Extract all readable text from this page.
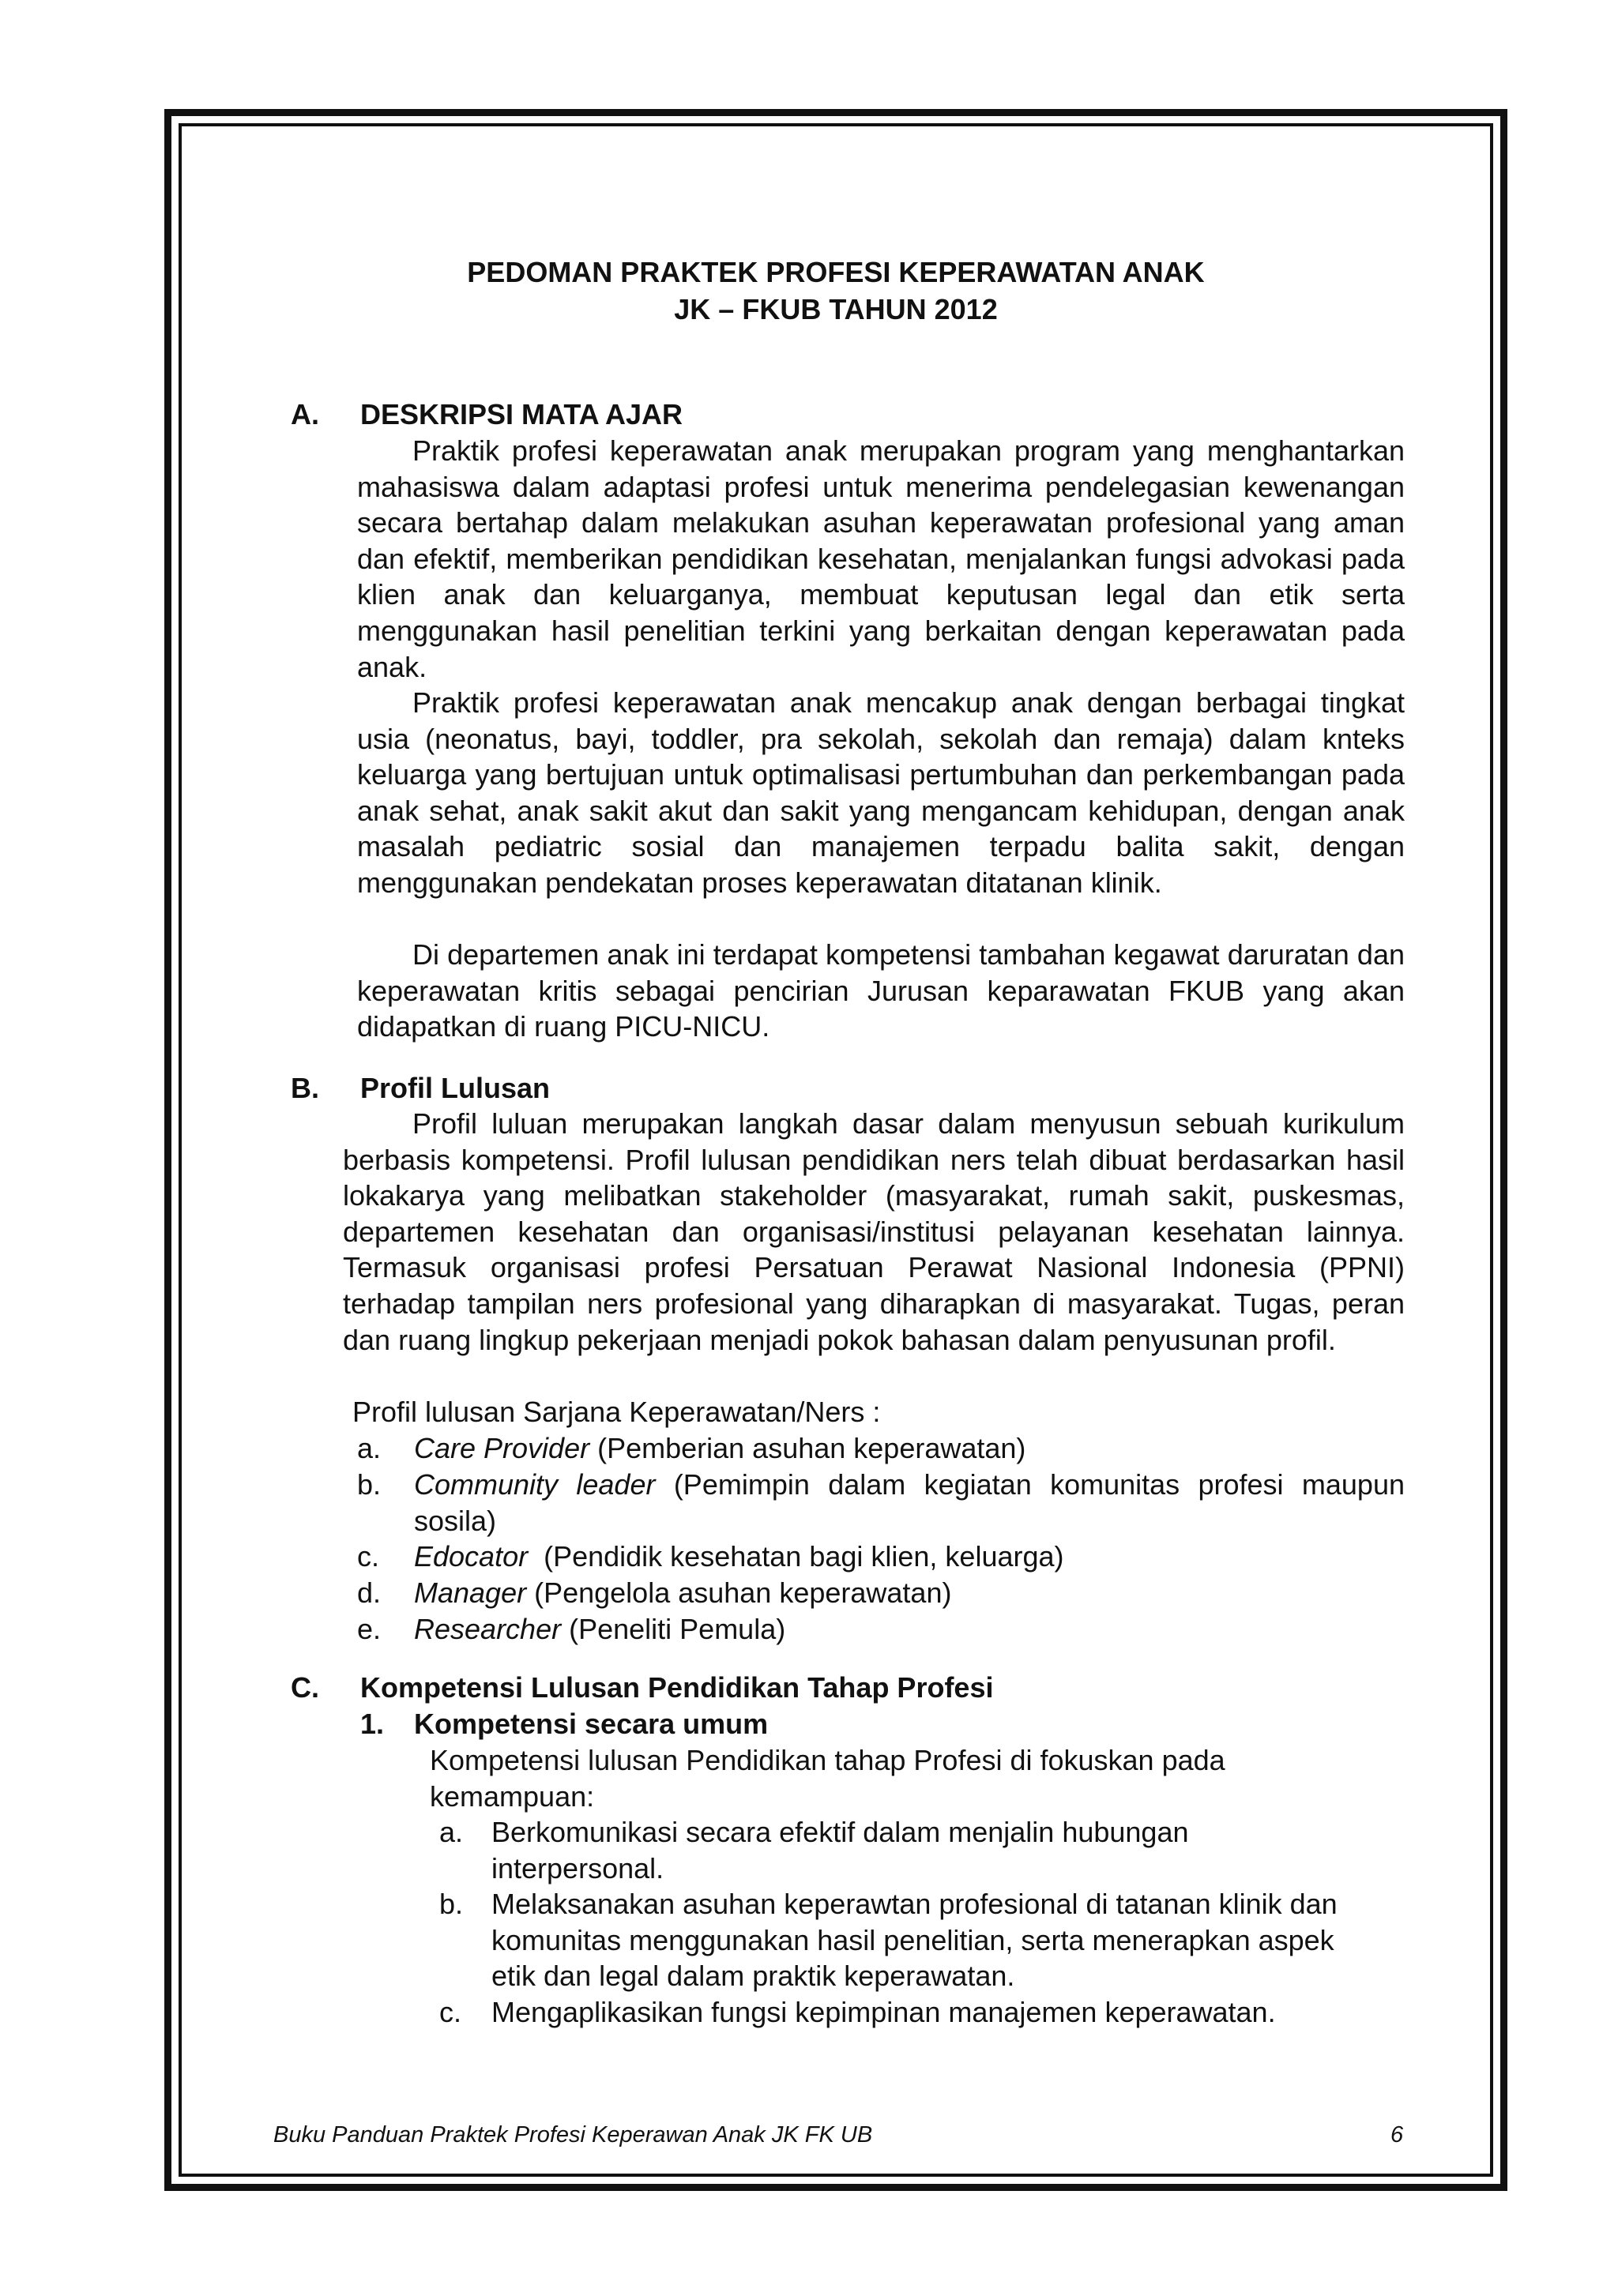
PEDOMAN PRAKTEK PROFESI KEPERAWATAN ANAK
JK – FKUB TAHUN 2012
A. DESKRIPSI MATA AJAR

Praktik profesi keperawatan anak merupakan program yang menghantarkan mahasiswa dalam adaptasi profesi untuk menerima pendelegasian kewenangan secara bertahap dalam melakukan asuhan keperawatan profesional yang aman dan efektif, memberikan pendidikan kesehatan, menjalankan fungsi advokasi pada klien anak dan keluarganya, membuat keputusan legal dan etik serta menggunakan hasil penelitian terkini yang berkaitan dengan keperawatan pada anak.

Praktik profesi keperawatan anak mencakup anak dengan berbagai tingkat usia (neonatus, bayi, toddler, pra sekolah, sekolah dan remaja) dalam knteks keluarga yang bertujuan untuk optimalisasi pertumbuhan dan perkembangan pada anak sehat, anak sakit akut dan sakit yang mengancam kehidupan, dengan anak masalah pediatric sosial dan manajemen terpadu balita sakit, dengan menggunakan pendekatan proses keperawatan ditatanan klinik.

Di departemen anak ini terdapat kompetensi tambahan kegawat daruratan dan keperawatan kritis sebagai pencirian Jurusan keparawatan FKUB yang akan didapatkan di ruang PICU-NICU.

B. Profil Lulusan

Profil luluan merupakan langkah dasar dalam menyusun sebuah kurikulum berbasis kompetensi. Profil lulusan pendidikan ners telah dibuat berdasarkan hasil lokakarya yang melibatkan stakeholder (masyarakat, rumah sakit, puskesmas, departemen kesehatan dan organisasi/institusi pelayanan kesehatan lainnya. Termasuk organisasi profesi Persatuan Perawat Nasional Indonesia (PPNI) terhadap tampilan ners profesional yang diharapkan di masyarakat. Tugas, peran dan ruang lingkup pekerjaan menjadi pokok bahasan dalam penyusunan profil.

Profil lulusan Sarjana Keperawatan/Ners :
a. Care Provider (Pemberian asuhan keperawatan)
b. Community leader (Pemimpin dalam kegiatan komunitas profesi maupun sosila)
c. Edocator  (Pendidik kesehatan bagi klien, keluarga)
d. Manager (Pengelola asuhan keperawatan)
e. Researcher (Peneliti Pemula)
C. Kompetensi Lulusan Pendidikan Tahap Profesi
1. Kompetensi secara umum

Kompetensi lulusan Pendidikan tahap Profesi di fokuskan pada kemampuan:

a. Berkomunikasi secara efektif dalam menjalin hubungan interpersonal.
b. Melaksanakan asuhan keperawtan profesional di tatanan klinik dan komunitas menggunakan hasil penelitian, serta menerapkan aspek etik dan legal dalam praktik keperawatan.
c. Mengaplikasikan fungsi kepimpinan manajemen keperawatan.
Buku Panduan Praktek Profesi Keperawan Anak JK FK UB	6
